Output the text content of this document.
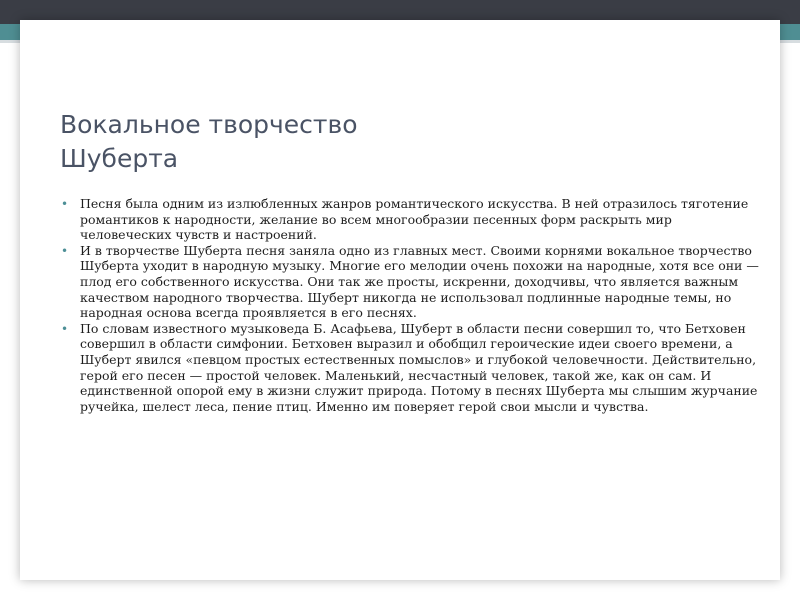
Вокальное творчество
Шуберта
• Песня была одним из излюбленных жанров романтического искусства. В ней отразилось тяготение романтиков к народности, желание во всем многообразии песенных форм раскрыть мир человеческих чувств и настроений.
• И в творчестве Шуберта песня заняла одно из главных мест. Своими корнями вокальное творчество Шуберта уходит в народную музыку. Многие его мелодии очень похожи на народные, хотя все они — плод его собственного искусства. Они так же просты, искренни, доходчивы, что является важным качеством народного творчества. Шуберт никогда не использовал подлинные народные темы, но народная основа всегда проявляется в его песнях.
• По словам известного музыковеда Б. Асафьева, Шуберт в области песни совершил то, что Бетховен совершил в области симфонии. Бетховен выразил и обобщил героические идеи своего времени, а Шуберт явился «певцом простых естественных помыслов» и глубокой человечности. Действительно, герой его песен — простой человек. Маленький, несчастный человек, такой же, как он сам. И единственной опорой ему в жизни служит природа. Потому в песнях Шуберта мы слышим журчание ручейка, шелест леса, пение птиц. Именно им поверяет герой свои мысли и чувства.
